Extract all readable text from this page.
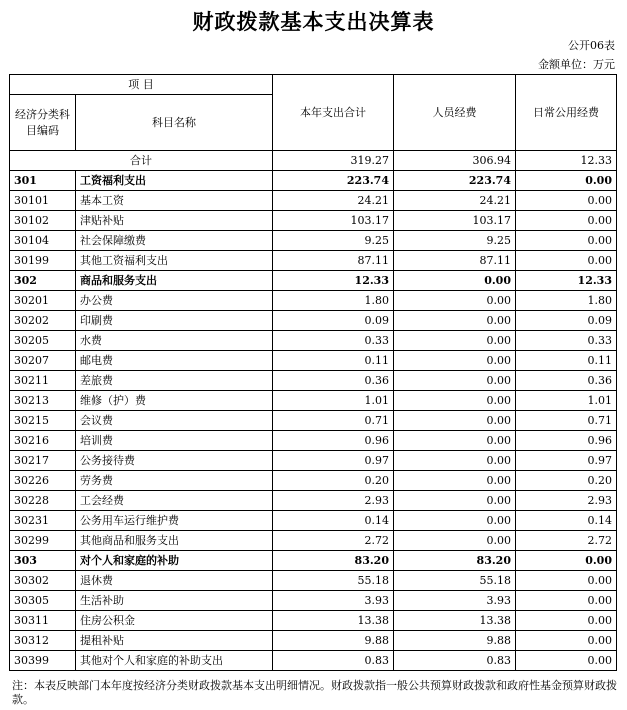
财政拨款基本支出决算表
公开06表
金额单位：万元
项 目		本年支出合计	人员经费	日常公用经费
经济分类科目编码	科目名称			
合计		319.27	306.94	12.33
301	工资福利支出	223.74	223.74	0.00
30101	基本工资	24.21	24.21	0.00
30102	津贴补贴	103.17	103.17	0.00
30104	社会保障缴费	9.25	9.25	0.00
30199	其他工资福利支出	87.11	87.11	0.00
302	商品和服务支出	12.33	0.00	12.33
30201	办公费	1.80	0.00	1.80
30202	印刷费	0.09	0.00	0.09
30205	水费	0.33	0.00	0.33
30207	邮电费	0.11	0.00	0.11
30211	差旅费	0.36	0.00	0.36
30213	维修（护）费	1.01	0.00	1.01
30215	会议费	0.71	0.00	0.71
30216	培训费	0.96	0.00	0.96
30217	公务接待费	0.97	0.00	0.97
30226	劳务费	0.20	0.00	0.20
30228	工会经费	2.93	0.00	2.93
30231	公务用车运行维护费	0.14	0.00	0.14
30299	其他商品和服务支出	2.72	0.00	2.72
303	对个人和家庭的补助	83.20	83.20	0.00
30302	退休费	55.18	55.18	0.00
30305	生活补助	3.93	3.93	0.00
30311	住房公积金	13.38	13.38	0.00
30312	提租补贴	9.88	9.88	0.00
30399	其他对个人和家庭的补助支出	0.83	0.83	0.00
注：本表反映部门本年度按经济分类财政拨款基本支出明细情况。财政拨款指一般公共预算财政拨款和政府性基金预算财政拨款。
